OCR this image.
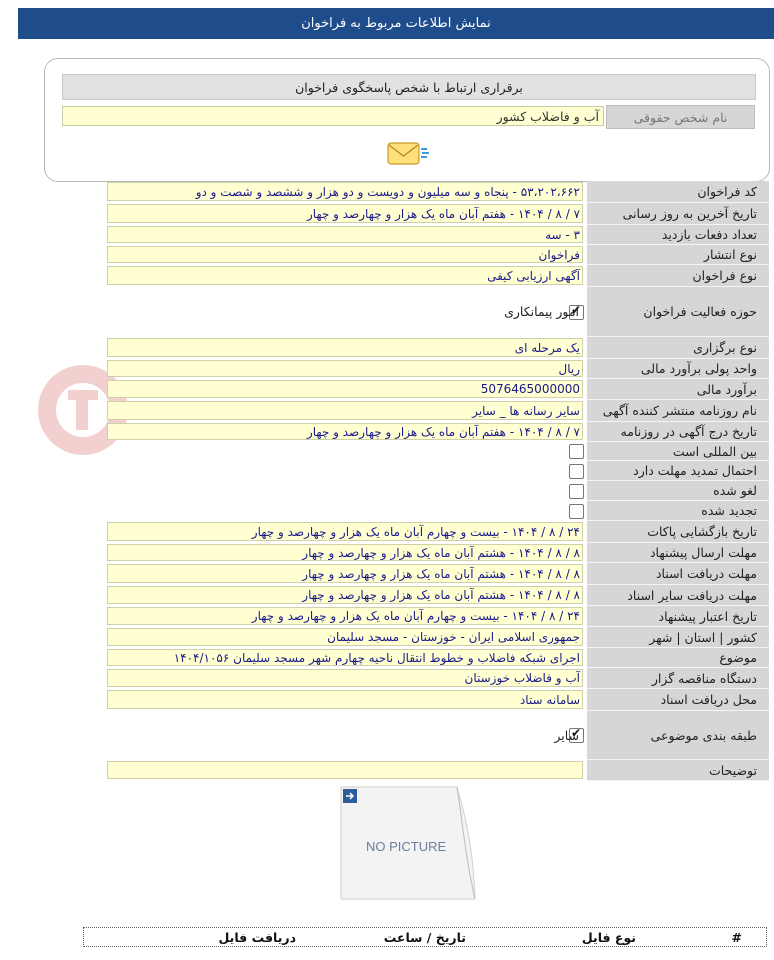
نمایش اطلاعات مربوط به فراخوان
برقراری ارتباط با شخص پاسخگوی فراخوان
نام شخص حقوقی
آب و فاضلاب کشور
کد فراخوان
۵۳،۲۰۲،۶۶۲ - پنجاه و سه میلیون و دویست و دو هزار و ششصد و شصت و دو
تاریخ آخرین به روز رسانی
۷ / ۸ / ۱۴۰۴ - هفتم آبان ماه یک هزار و چهارصد و چهار
تعداد دفعات بازدید
۳ - سه
نوع انتشار
فراخوان
نوع فراخوان
آگهی ارزیابی کیفی
حوزه فعالیت فراخوان
✔
امور پیمانکاری
نوع برگزاری
یک مرحله ای
واحد پولی برآورد مالی
ریال
برآورد مالی
5076465000000
نام روزنامه منتشر کننده آگهی
سایر رسانه ها _ سایر
تاریخ درج آگهی در روزنامه
۷ / ۸ / ۱۴۰۴ - هفتم آبان ماه یک هزار و چهارصد و چهار
بین المللی است
احتمال تمدید مهلت دارد
لغو شده
تجدید شده
تاریخ بازگشایی پاکات
۲۴ / ۸ / ۱۴۰۴ - بیست و چهارم آبان ماه یک هزار و چهارصد و چهار
مهلت ارسال پیشنهاد
۸ / ۸ / ۱۴۰۴ - هشتم آبان ماه یک هزار و چهارصد و چهار
مهلت دریافت اسناد
۸ / ۸ / ۱۴۰۴ - هشتم آبان ماه یک هزار و چهارصد و چهار
مهلت دریافت سایر اسناد
۸ / ۸ / ۱۴۰۴ - هشتم آبان ماه یک هزار و چهارصد و چهار
تاریخ اعتبار پیشنهاد
۲۴ / ۸ / ۱۴۰۴ - بیست و چهارم آبان ماه یک هزار و چهارصد و چهار
کشور | استان | شهر
جمهوری اسلامی ایران - خوزستان - مسجد سلیمان
موضوع
اجرای شبکه فاضلاب و خطوط انتقال ناحیه چهارم شهر مسجد سلیمان ۱۴۰۴/۱۰۵۶
دستگاه مناقصه گزار
آب و فاضلاب خوزستان
محل دریافت اسناد
سامانه ستاد
طبقه بندی موضوعی
✔
سایر
توضیحات
NO PICTURE
#
نوع فایل
تاریخ / ساعت
دریافت فایل
